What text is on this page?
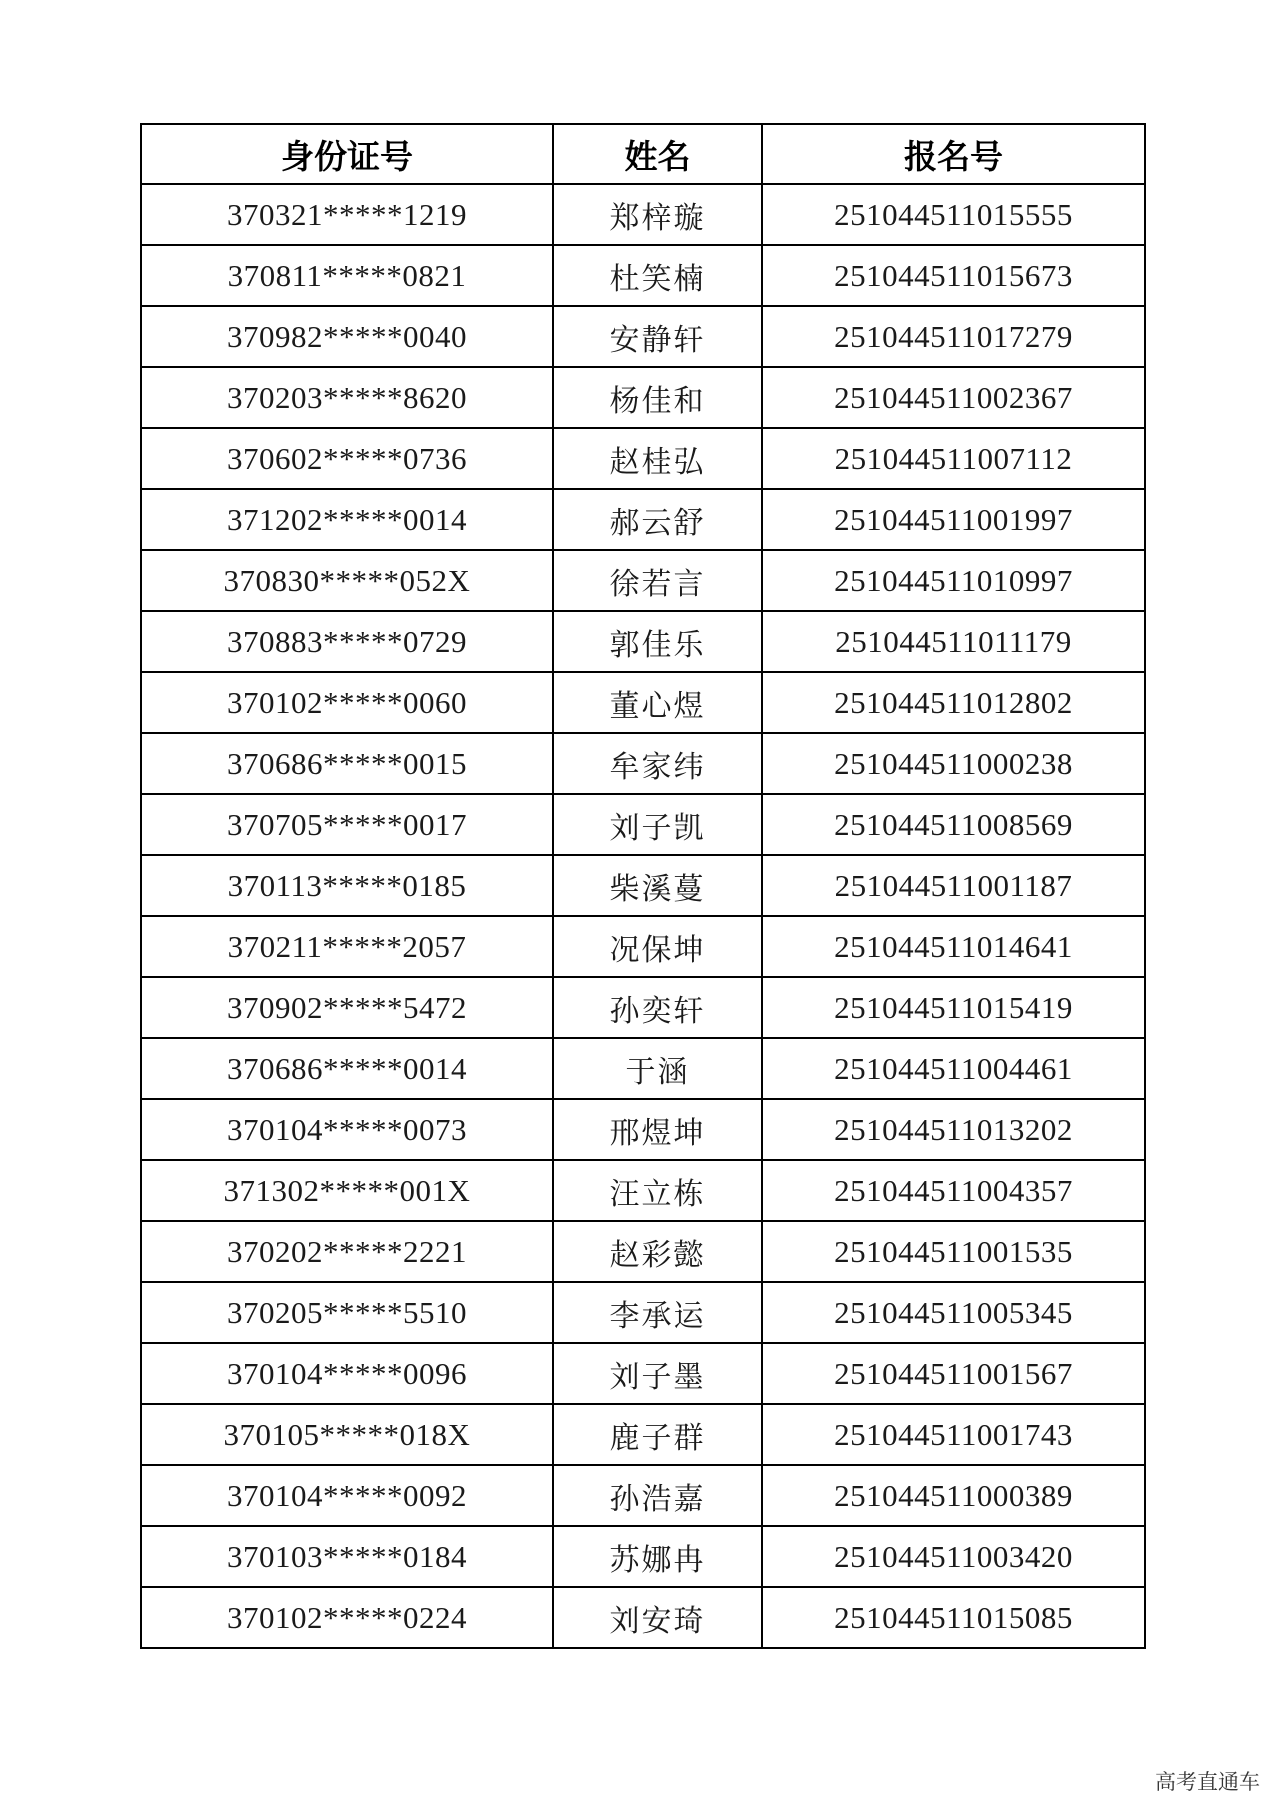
身份证号	姓名	报名号
370321*****1219	郑梓璇	251044511015555
370811*****0821	杜笑楠	251044511015673
370982*****0040	安静轩	251044511017279
370203*****8620	杨佳和	251044511002367
370602*****0736	赵桂弘	251044511007112
371202*****0014	郝云舒	251044511001997
370830*****052X	徐若言	251044511010997
370883*****0729	郭佳乐	251044511011179
370102*****0060	董心煜	251044511012802
370686*****0015	牟家纬	251044511000238
370705*****0017	刘子凯	251044511008569
370113*****0185	柴溪蔓	251044511001187
370211*****2057	况保坤	251044511014641
370902*****5472	孙奕轩	251044511015419
370686*****0014	于涵	251044511004461
370104*****0073	邢煜坤	251044511013202
371302*****001X	汪立栋	251044511004357
370202*****2221	赵彩懿	251044511001535
370205*****5510	李承运	251044511005345
370104*****0096	刘子墨	251044511001567
370105*****018X	鹿子群	251044511001743
370104*****0092	孙浩嘉	251044511000389
370103*****0184	苏娜冉	251044511003420
370102*****0224	刘安琦	251044511015085
高考直通车
